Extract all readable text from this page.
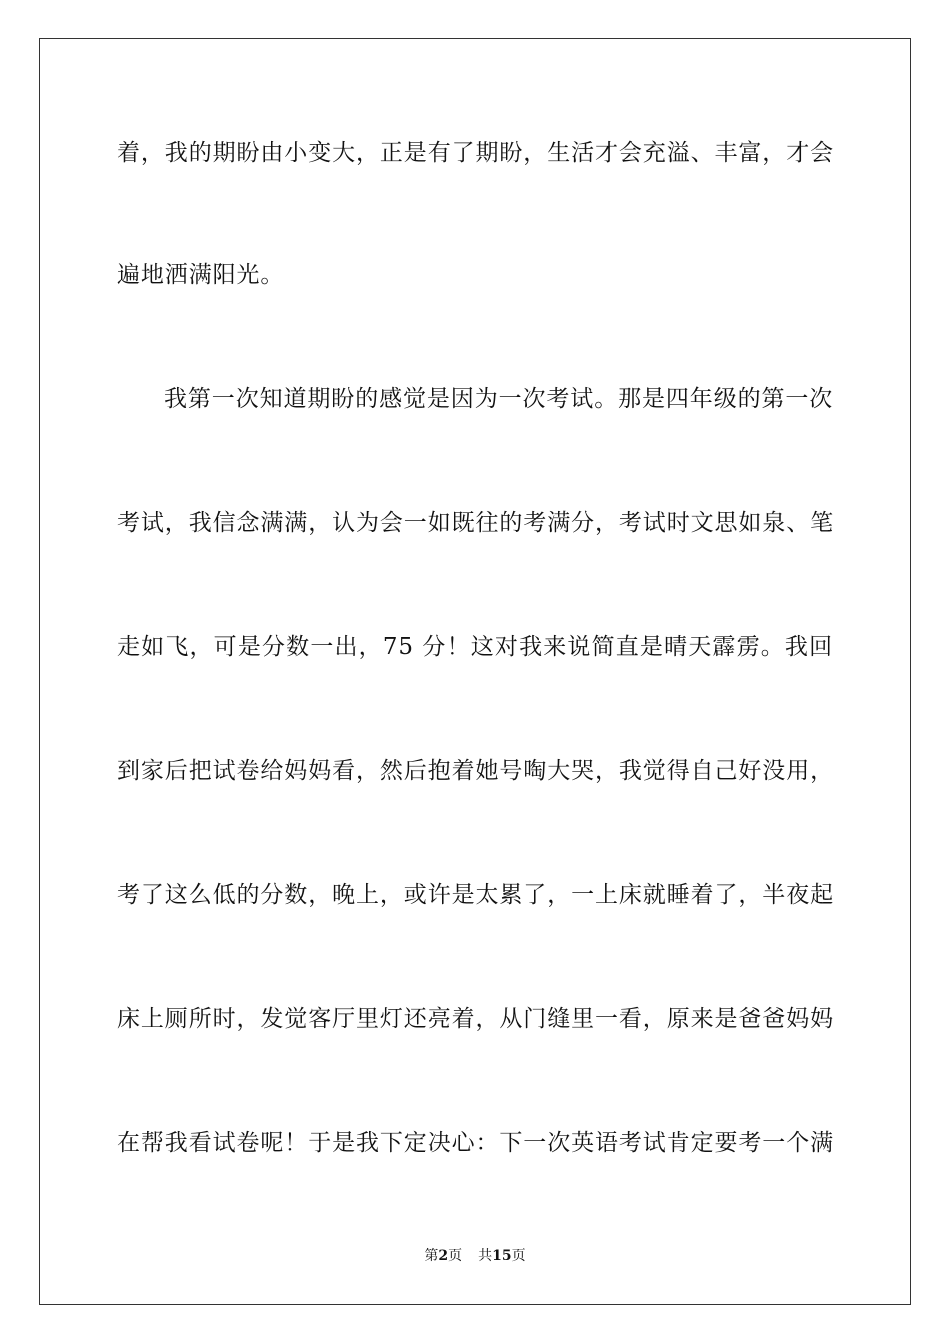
着，我的期盼由小变大，正是有了期盼，生活才会充溢、丰富，才会
遍地洒满阳光。
我第一次知道期盼的感觉是因为一次考试。那是四年级的第一次
考试，我信念满满，认为会一如既往的考满分，考试时文思如泉、笔
走如飞，可是分数一出，75 分！这对我来说简直是晴天霹雳。我回
到家后把试卷给妈妈看，然后抱着她号啕大哭，我觉得自己好没用，
考了这么低的分数，晚上，或许是太累了，一上床就睡着了，半夜起
床上厕所时，发觉客厅里灯还亮着，从门缝里一看，原来是爸爸妈妈
在帮我看试卷呢！于是我下定决心：下一次英语考试肯定要考一个满
第2页 共15页
